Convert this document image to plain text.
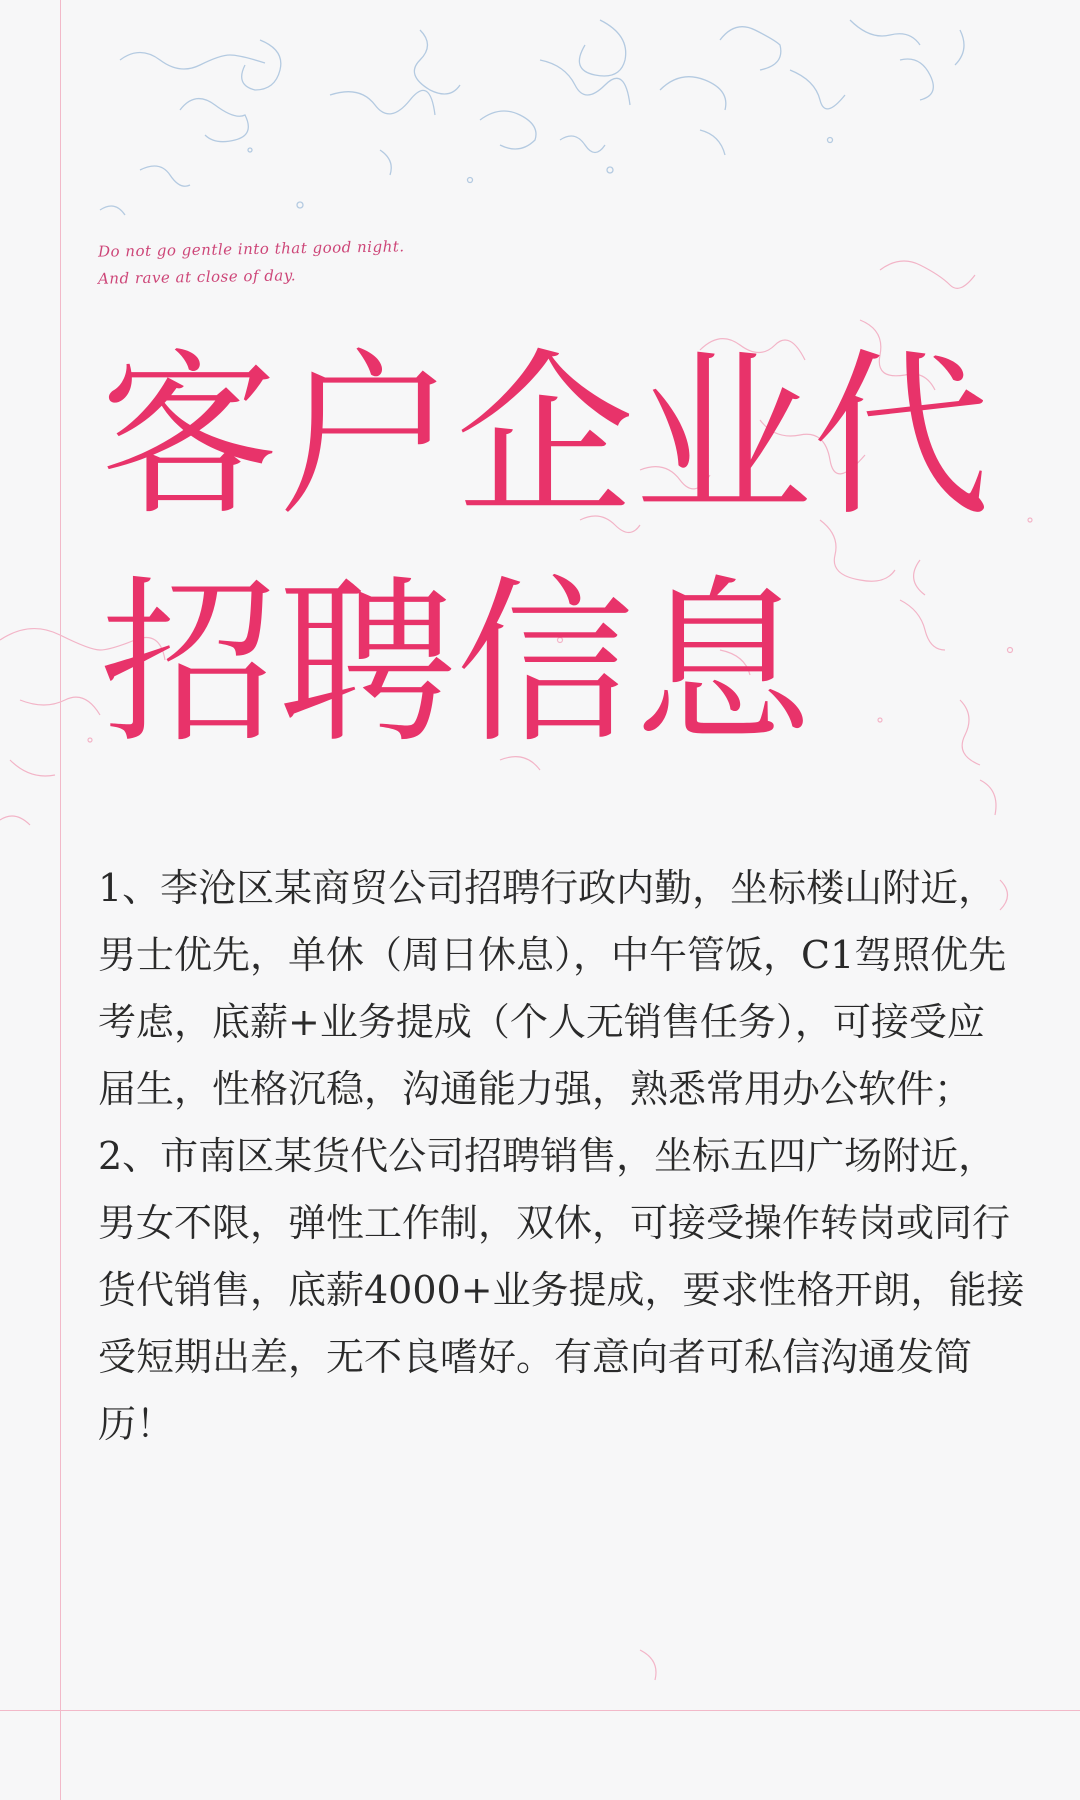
Do not go gentle into that good night.
And rave at close of day.
客户企业代
招聘信息
1、李沧区某商贸公司招聘行政内勤，坐标楼山附近，
男士优先，单休（周日休息），中午管饭，C1驾照优先
考虑，底薪+业务提成（个人无销售任务），可接受应
届生，性格沉稳，沟通能力强，熟悉常用办公软件；
2、市南区某货代公司招聘销售，坐标五四广场附近，
男女不限，弹性工作制，双休，可接受操作转岗或同行
货代销售，底薪4000+业务提成，要求性格开朗，能接
受短期出差，无不良嗜好。有意向者可私信沟通发简
历！
